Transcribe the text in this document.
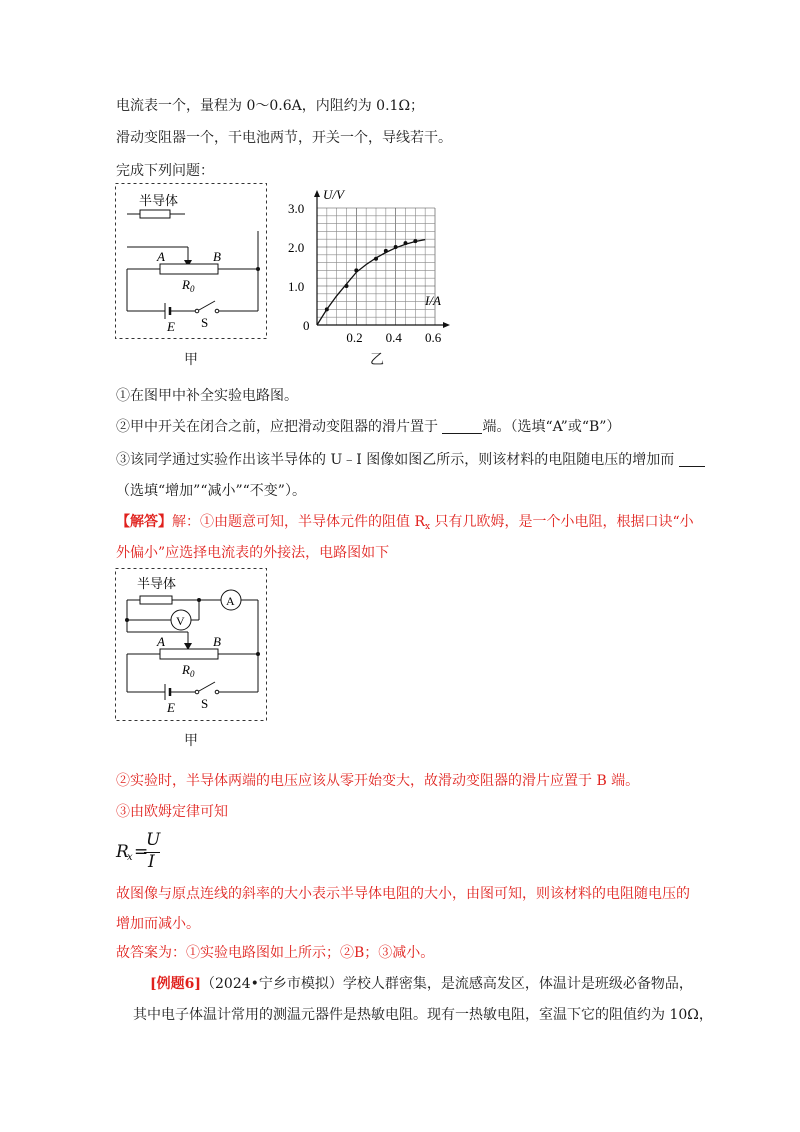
电流表一个，量程为 0～0.6A，内阻约为 0.1Ω；
滑动变阻器一个，干电池两节，开关一个，导线若干。
完成下列问题：
半导体
A	B
$R_0$
E S
甲
3.0
2.0
1.0
0.2 0.4 0.6
0
U/V
I/A
乙
①在图甲中补全实验电路图。
②甲中开关在闭合之前，应把滑动变阻器的滑片置于	端。（选填“A”或“B”）
③该同学通过实验作出该半导体的 U﹣I 图像如图乙所示，则该材料的电阻随电压的增加而
（选填“增加”“减小”“不变”）。
【解答】解：①由题意可知，半导体元件的阻值 $R_x$ 只有几欧姆，是一个小电阻，根据口诀“小
外偏小”应选择电流表的外接法，电路图如下
半导体
A
V
A	B
$R_0$
E S
甲
②实验时，半导体两端的电压应该从零开始变大，故滑动变阻器的滑片应置于 B 端。
③由欧姆定律可知
R
x =
U
I
故图像与原点连线的斜率的大小表示半导体电阻的大小，由图可知，则该材料的电阻随电压的
增加而减小。
故答案为：①实验电路图如上所示；②B；③减小。
[例题6]（2024•宁乡市模拟）学校人群密集，是流感高发区，体温计是班级必备物品，
其中电子体温计常用的测温元器件是热敏电阻。现有一热敏电阻，室温下它的阻值约为 10Ω，
